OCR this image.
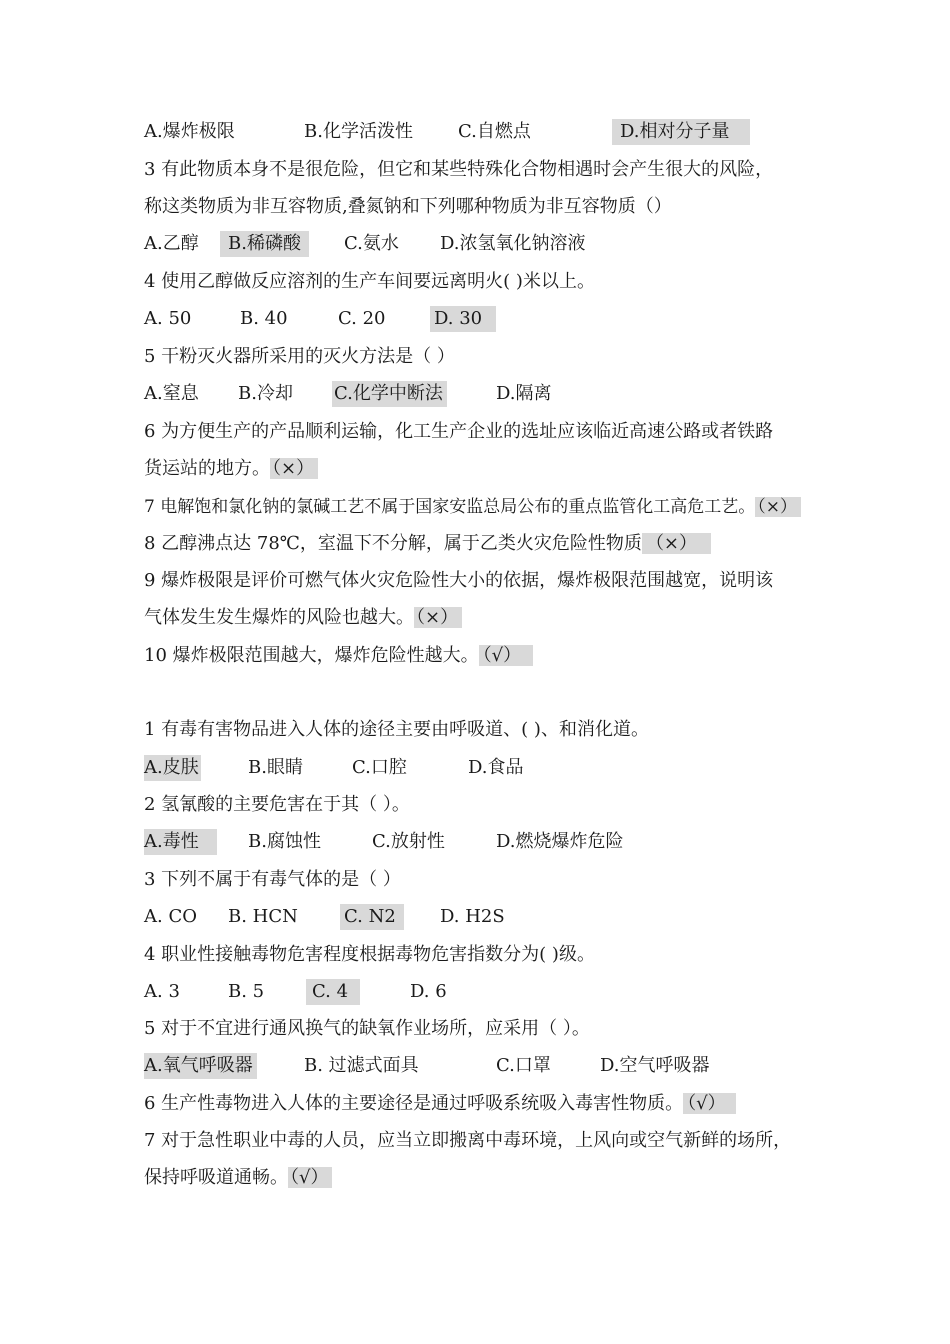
A.爆炸极限	B.化学活泼性	C.自燃点	D.相对分子量
3 有此物质本身不是很危险，但它和某些特殊化合物相遇时会产生很大的风险，
称这类物质为非互容物质,叠氮钠和下列哪种物质为非互容物质（）
A.乙醇	B.稀磷酸	C.氨水 D.浓氢氧化钠溶液
4 使用乙醇做反应溶剂的生产车间要远离明火( )米以上。
A. 50	B. 40	C. 20	D. 30
5 干粉灭火器所采用的灭火方法是（ ）
A.窒息 B.冷却 C.化学中断法	D.隔离
6 为方便生产的产品顺利运输，化工生产企业的选址应该临近高速公路或者铁路
货运站的地方。 （×）
7 电解饱和氯化钠的氯碱工艺不属于国家安监总局公布的重点监管化工高危工艺。 （×）
8 乙醇沸点达 78℃，室温下不分解，属于乙类火灾危险性物质 （×）
9 爆炸极限是评价可燃气体火灾危险性大小的依据，爆炸极限范围越宽，说明该
气体发生发生爆炸的风险也越大。 （×）
10 爆炸极限范围越大，爆炸危险性越大。 （√）
1 有毒有害物品进入人体的途径主要由呼吸道、( )、和消化道。
A.皮肤	B.眼睛	C.口腔	D.食品
2 氢氰酸的主要危害在于其（ ）。
A.毒性	B.腐蚀性	C.放射性	D.燃烧爆炸危险
3 下列不属于有毒气体的是（ ）
A. CO B. HCN	C. N2	D. H2S
4 职业性接触毒物危害程度根据毒物危害指数分为( )级。
A. 3	B. 5	C. 4	D. 6
5 对于不宜进行通风换气的缺氧作业场所，应采用（ ）。
A.氧气呼吸器	B. 过滤式面具	C.口罩	D.空气呼吸器
6 生产性毒物进入人体的主要途径是通过呼吸系统吸入毒害性物质。 （√）
7 对于急性职业中毒的人员，应当立即搬离中毒环境，上风向或空气新鲜的场所，
保持呼吸道通畅。 （√）
